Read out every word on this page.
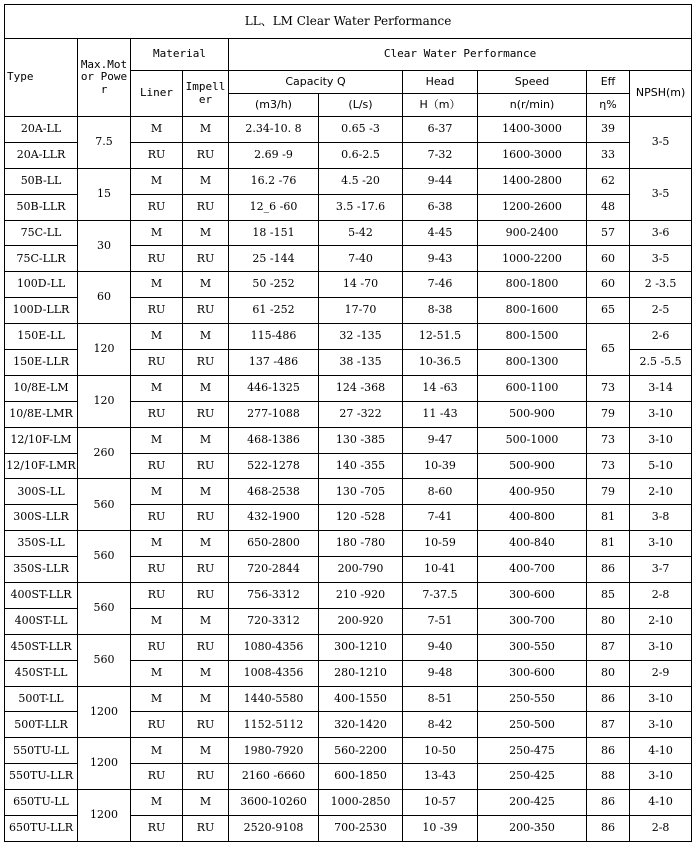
LL、LM Clear Water Performance									
Type	Max.Motor Power	Material		Clear Water Performance					
		Liner	Impeller	Capacity Q		Head	Speed	Eff	NPSH(m)
				(m3/h)	(L/s)	H（m）	n(r/min)	η%	
20A-LL	7.5	M	M	2.34-10. 8	0.65 -3	6-37	1400-3000	39	3-5
20A-LLR		RU	RU	2.69 -9	0.6-2.5	7-32	1600-3000	33	
50B-LL	15	M	M	16.2 -76	4.5 -20	9-44	1400-2800	62	3-5
50B-LLR		RU	RU	12_6 -60	3.5 -17.6	6-38	1200-2600	48	
75C-LL	30	M	M	18 -151	5-42	4-45	900-2400	57	3-6
75C-LLR		RU	RU	25 -144	7-40	9-43	1000-2200	60	3-5
100D-LL	60	M	M	50 -252	14 -70	7-46	800-1800	60	2 -3.5
100D-LLR		RU	RU	61 -252	17-70	8-38	800-1600	65	2-5
150E-LL	120	M	M	115-486	32 -135	12-51.5	800-1500	65	2-6
150E-LLR		RU	RU	137 -486	38 -135	10-36.5	800-1300		2.5 -5.5
10/8E-LM	120	M	M	446-1325	124 -368	14 -63	600-1100	73	3-14
10/8E-LMR		RU	RU	277-1088	27 -322	11 -43	500-900	79	3-10
12/10F-LM	260	M	M	468-1386	130 -385	9-47	500-1000	73	3-10
12/10F-LMR		RU	RU	522-1278	140 -355	10-39	500-900	73	5-10
300S-LL	560	M	M	468-2538	130 -705	8-60	400-950	79	2-10
300S-LLR		RU	RU	432-1900	120 -528	7-41	400-800	81	3-8
350S-LL	560	M	M	650-2800	180 -780	10-59	400-840	81	3-10
350S-LLR		RU	RU	720-2844	200-790	10-41	400-700	86	3-7
400ST-LLR	560	RU	RU	756-3312	210 -920	7-37.5	300-600	85	2-8
400ST-LL		M	M	720-3312	200-920	7-51	300-700	80	2-10
450ST-LLR	560	RU	RU	1080-4356	300-1210	9-40	300-550	87	3-10
450ST-LL		M	M	1008-4356	280-1210	9-48	300-600	80	2-9
500T-LL	1200	M	M	1440-5580	400-1550	8-51	250-550	86	3-10
500T-LLR		RU	RU	1152-5112	320-1420	8-42	250-500	87	3-10
550TU-LL	1200	M	M	1980-7920	560-2200	10-50	250-475	86	4-10
550TU-LLR		RU	RU	2160 -6660	600-1850	13-43	250-425	88	3-10
650TU-LL	1200	M	M	3600-10260	1000-2850	10-57	200-425	86	4-10
650TU-LLR		RU	RU	2520-9108	700-2530	10 -39	200-350	86	2-8
